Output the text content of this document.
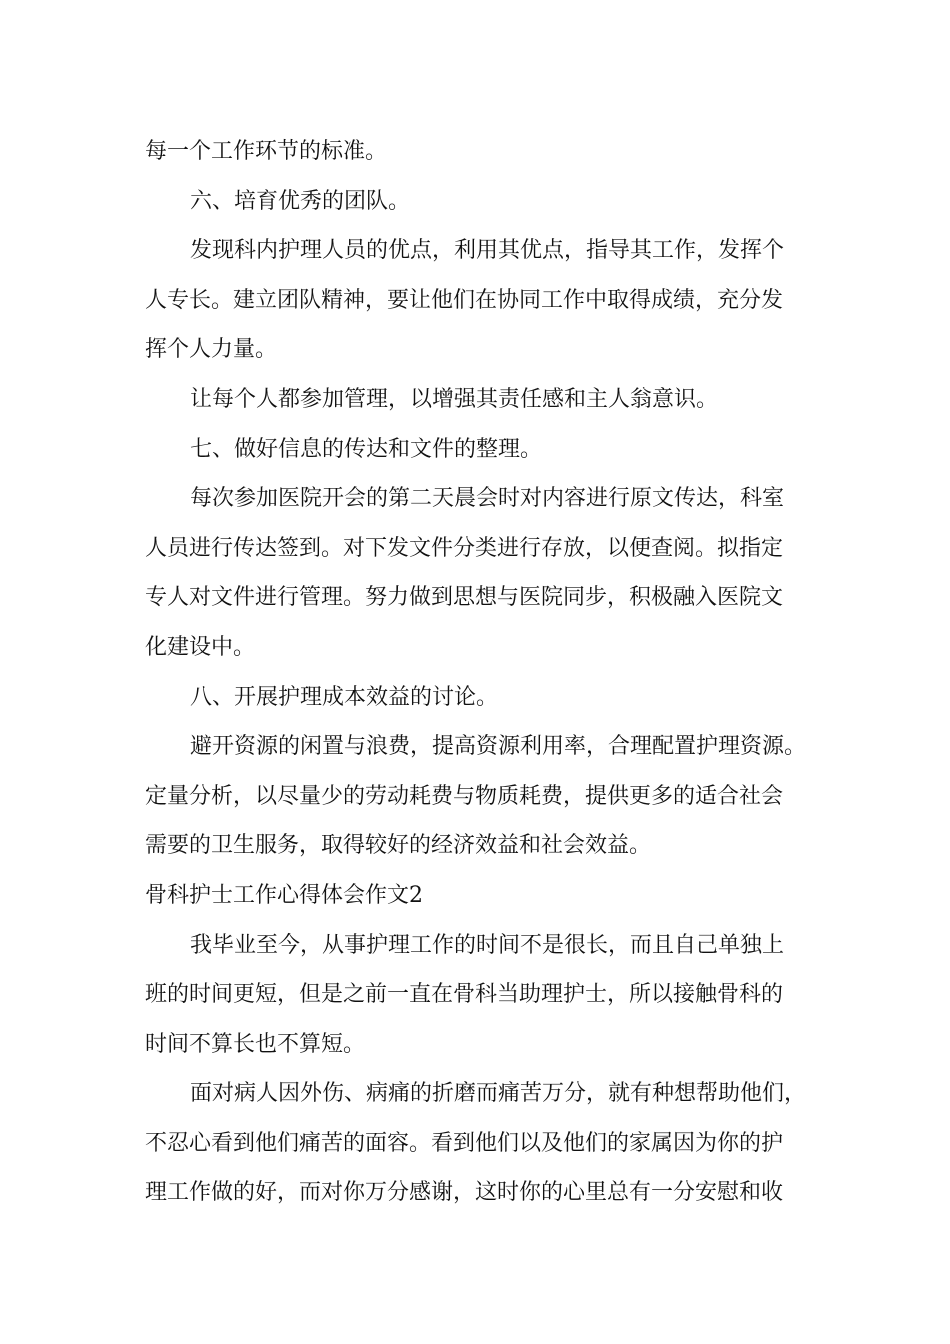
每一个工作环节的标准。
六、培育优秀的团队。
发现科内护理人员的优点，利用其优点，指导其工作，发挥个
人专长。建立团队精神，要让他们在协同工作中取得成绩，充分发
挥个人力量。
让每个人都参加管理，以增强其责任感和主人翁意识。
七、做好信息的传达和文件的整理。
每次参加医院开会的第二天晨会时对内容进行原文传达，科室
人员进行传达签到。对下发文件分类进行存放，以便查阅。拟指定
专人对文件进行管理。努力做到思想与医院同步，积极融入医院文
化建设中。
八、开展护理成本效益的讨论。
避开资源的闲置与浪费，提高资源利用率，合理配置护理资源。
定量分析，以尽量少的劳动耗费与物质耗费，提供更多的适合社会
需要的卫生服务，取得较好的经济效益和社会效益。
骨科护士工作心得体会作文2
我毕业至今，从事护理工作的时间不是很长，而且自己单独上
班的时间更短，但是之前一直在骨科当助理护士，所以接触骨科的
时间不算长也不算短。
面对病人因外伤、病痛的折磨而痛苦万分，就有种想帮助他们，
不忍心看到他们痛苦的面容。看到他们以及他们的家属因为你的护
理工作做的好，而对你万分感谢，这时你的心里总有一分安慰和收
